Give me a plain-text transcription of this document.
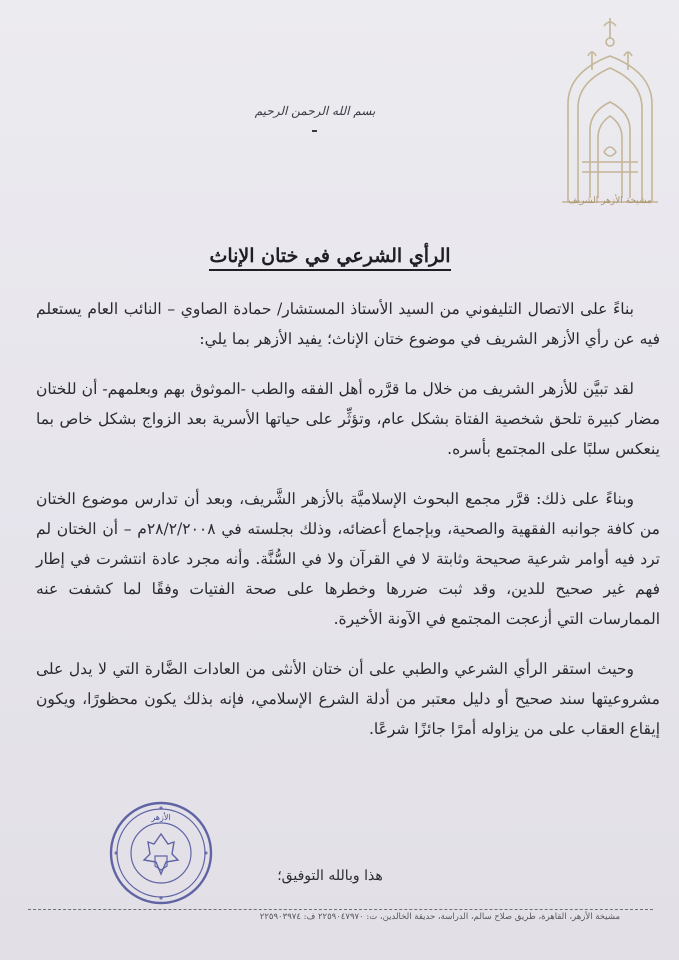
مشيخة الأزهر الشريف
بسم الله الرحمن الرحيم
الرأي الشرعي في ختان الإناث

بناءً على الاتصال التليفوني من السيد الأستاذ المستشار/ حمادة الصاوي – النائب العام يستعلم فيه عن رأي الأزهر الشريف في موضوع ختان الإناث؛ يفيد الأزهر بما يلي:

لقد تبيَّن للأزهر الشريف من خلال ما قرَّره أهل الفقه والطب -الموثوق بهم وبعلمهم- أن للختان مضار كبيرة تلحق شخصية الفتاة بشكل عام، وتؤثِّر على حياتها الأسرية بعد الزواج بشكل خاص بما ينعكس سلبًا على المجتمع بأسره.

وبناءً على ذلك: قرَّر مجمع البحوث الإسلاميَّة بالأزهر الشَّريف، وبعد أن تدارس موضوع الختان من كافة جوانبه الفقهية والصحية، وبإجماع أعضائه، وذلك بجلسته في ٢٨/٢/٢٠٠٨م – أن الختان لم ترد فيه أوامر شرعية صحيحة وثابتة لا في القرآن ولا في السُّنَّة. وأنه مجرد عادة انتشرت في إطار فهم غير صحيح للدين، وقد ثبت ضررها وخطرها على صحة الفتيات وفقًا لما كشفت عنه الممارسات التي أزعجت المجتمع في الآونة الأخيرة.

وحيث استقر الرأي الشرعي والطبي على أن ختان الأنثى من العادات الضَّارة التي لا يدل على مشروعيتها سند صحيح أو دليل معتبر من أدلة الشرع الإسلامي، فإنه بذلك يكون محظورًا، ويكون إيقاع العقاب على من يزاوله أمرًا جائزًا شرعًا.

الأزهر
هذا وبالله التوفيق؛
مشيخة الأزهر، القاهرة، طريق صلاح سالم، الدراسة، حديقة الخالدين، ت: ٢٢٥٩٠٤٧٩٧٠ ف: ٢٢٥٩٠٣٩٧٤
